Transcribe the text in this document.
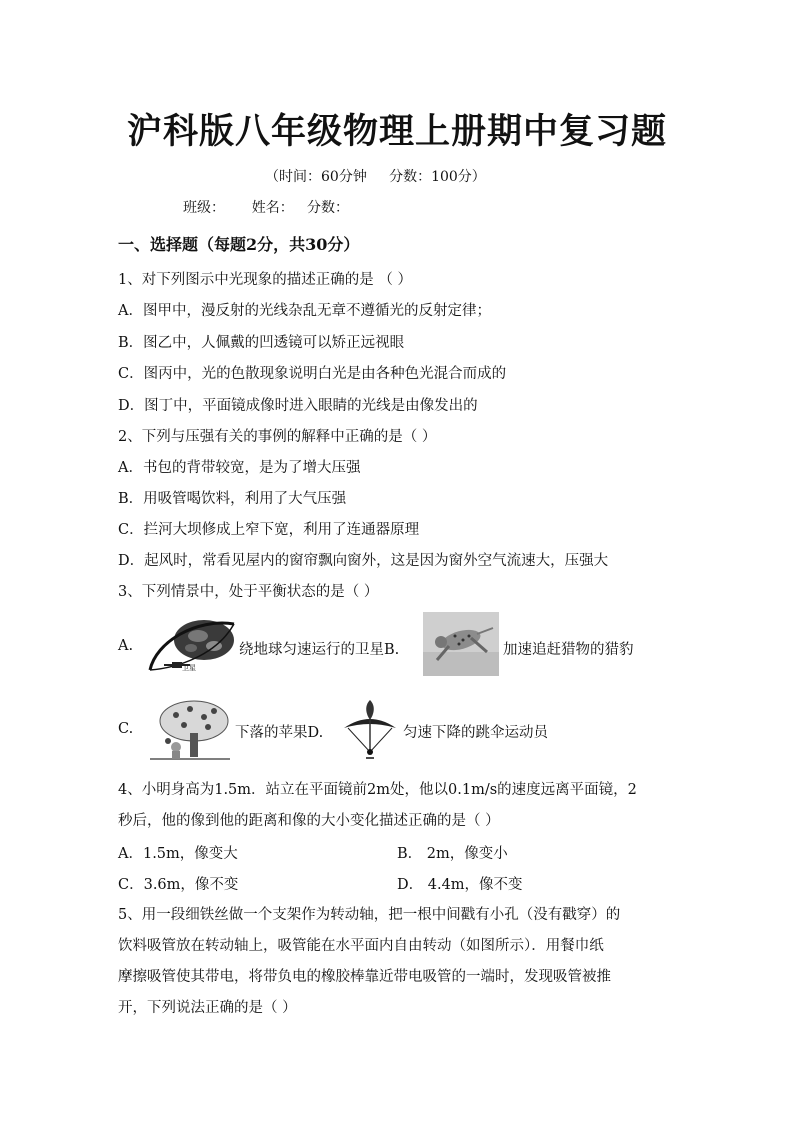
沪科版八年级物理上册期中复习题
（时间：60分钟     分数：100分）
班级：      姓名：   分数：
一、选择题（每题2分，共30分）
1、对下列图示中光现象的描述正确的是 （ ）
A．图甲中，漫反射的光线杂乱无章不遵循光的反射定律；
B．图乙中，人佩戴的凹透镜可以矫正远视眼
C．图丙中，光的色散现象说明白光是由各种色光混合而成的
D．图丁中，平面镜成像时进入眼睛的光线是由像发出的
2、下列与压强有关的事例的解释中正确的是（ ）
A．书包的背带较宽，是为了增大压强
B．用吸管喝饮料，利用了大气压强
C．拦河大坝修成上窄下宽，利用了连通器原理
D．起风时，常看见屋内的窗帘飘向窗外，这是因为窗外空气流速大，压强大
3、下列情景中，处于平衡状态的是（ ）
A.
卫星
绕地球匀速运行的卫星B.	加速追赶猎物的猎豹
C.	下落的苹果D.	匀速下降的跳伞运动员
4、小明身高为1.5m．站立在平面镜前2m处，他以0.1m/s的速度远离平面镜，2
秒后，他的像到他的距离和像的大小变化描述正确的是（ ）
A．1.5m，像变大	B． 2m，像变小
C．3.6m，像不变	D． 4.4m，像不变
5、用一段细铁丝做一个支架作为转动轴，把一根中间戳有小孔（没有戳穿）的
饮料吸管放在转动轴上，吸管能在水平面内自由转动（如图所示）．用餐巾纸
摩擦吸管使其带电，将带负电的橡胶棒靠近带电吸管的一端时，发现吸管被推
开，下列说法正确的是（ ）
